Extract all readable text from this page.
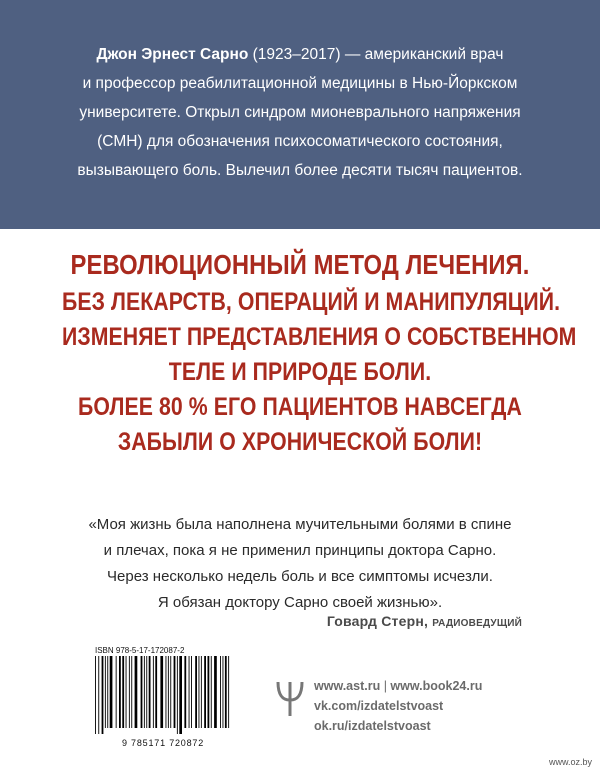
Джон Эрнест Сарно (1923–2017) — американский врач
и профессор реабилитационной медицины в Нью-Йоркском
университете. Открыл синдром мионеврального напряжения
(СМН) для обозначения психосоматического состояния,
вызывающего боль. Вылечил более десяти тысяч пациентов.
РЕВОЛЮЦИОННЫЙ МЕТОД ЛЕЧЕНИЯ.
БЕЗ ЛЕКАРСТВ, ОПЕРАЦИЙ И МАНИПУЛЯЦИЙ.
ИЗМЕНЯЕТ ПРЕДСТАВЛЕНИЯ О СОБСТВЕННОМ
ТЕЛЕ И ПРИРОДЕ БОЛИ.
БОЛЕЕ 80 % ЕГО ПАЦИЕНТОВ НАВСЕГДА
ЗАБЫЛИ О ХРОНИЧЕСКОЙ БОЛИ!
«Моя жизнь была наполнена мучительными болями в спине
и плечах, пока я не применил принципы доктора Сарно.
Через несколько недель боль и все симптомы исчезли.
Я обязан доктору Сарно своей жизнью».
Говард Стерн, радиоведущий
ISBN 978-5-17-172087-2
9 785171 720872
www.ast.ru | www.book24.ru
vk.com/izdatelstvoast
ok.ru/izdatelstvoast
www.oz.by
